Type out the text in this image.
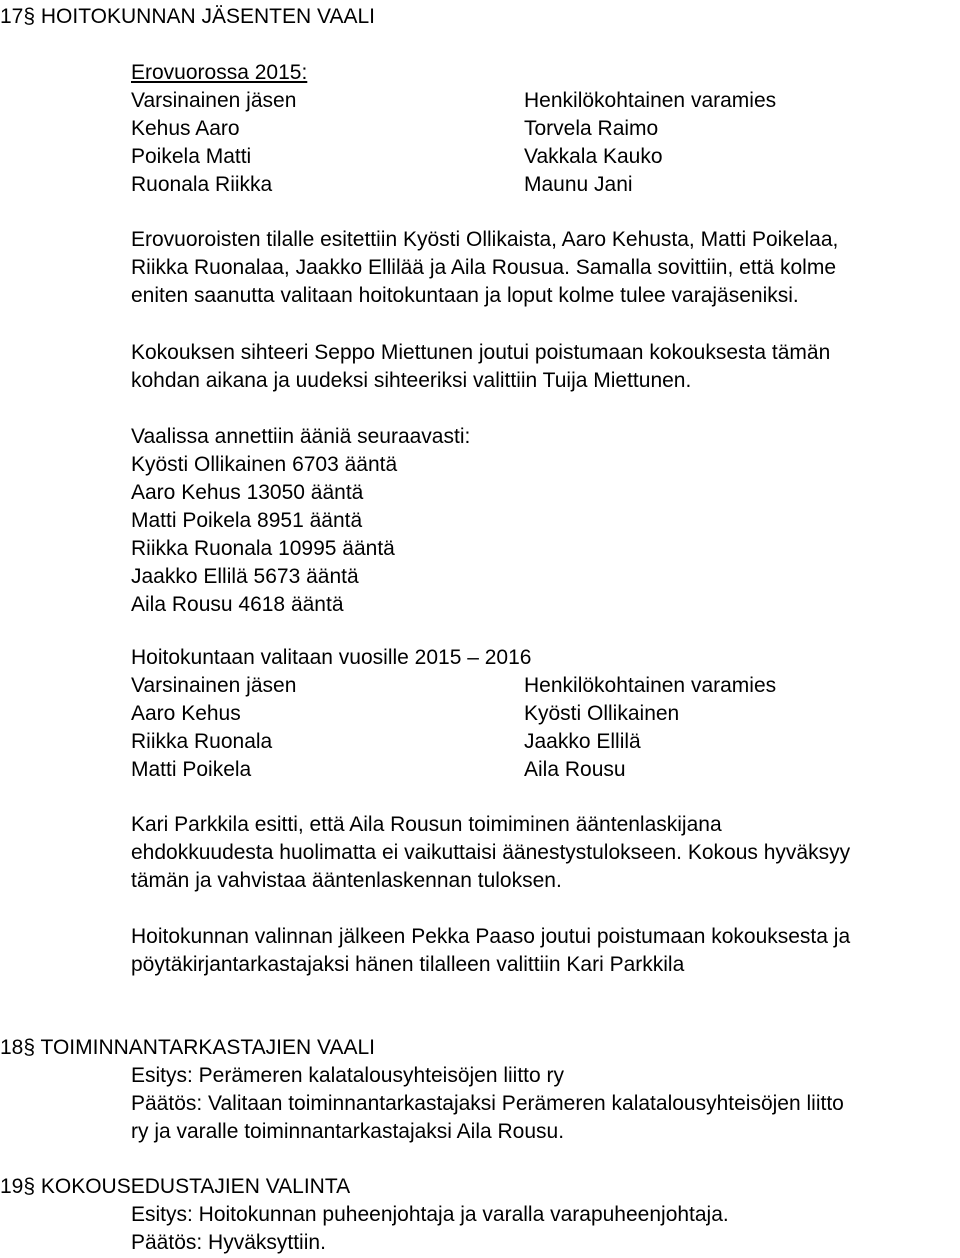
17§ HOITOKUNNAN JÄSENTEN VAALI
Erovuorossa 2015:
Varsinainen jäsen	Henkilökohtainen varamies
Kehus Aaro	Torvela Raimo
Poikela Matti	Vakkala Kauko
Ruonala Riikka	Maunu Jani
Erovuoroisten tilalle esitettiin Kyösti Ollikaista, Aaro Kehusta, Matti Poikelaa,
Riikka Ruonalaa, Jaakko Ellilää ja Aila Rousua. Samalla sovittiin, että kolme
eniten saanutta valitaan hoitokuntaan ja loput kolme tulee varajäseniksi.
Kokouksen sihteeri Seppo Miettunen joutui poistumaan kokouksesta tämän
kohdan aikana ja uudeksi sihteeriksi valittiin Tuija Miettunen.
Vaalissa annettiin ääniä seuraavasti:
Kyösti Ollikainen 6703 ääntä
Aaro Kehus 13050 ääntä
Matti Poikela 8951 ääntä
Riikka Ruonala 10995 ääntä
Jaakko Ellilä 5673 ääntä
Aila Rousu 4618 ääntä
Hoitokuntaan valitaan vuosille 2015 – 2016
Varsinainen jäsen	Henkilökohtainen varamies
Aaro Kehus	Kyösti Ollikainen
Riikka Ruonala	Jaakko Ellilä
Matti Poikela	Aila Rousu
Kari Parkkila esitti, että Aila Rousun toimiminen ääntenlaskijana
ehdokkuudesta huolimatta ei vaikuttaisi äänestystulokseen. Kokous hyväksyy
tämän ja vahvistaa ääntenlaskennan tuloksen.
Hoitokunnan valinnan jälkeen Pekka Paaso joutui poistumaan kokouksesta ja
pöytäkirjantarkastajaksi hänen tilalleen valittiin Kari Parkkila
18§ TOIMINNANTARKASTAJIEN VAALI
Esitys: Perämeren kalatalousyhteisöjen liitto ry
Päätös: Valitaan toiminnantarkastajaksi Perämeren kalatalousyhteisöjen liitto
ry ja varalle toiminnantarkastajaksi Aila Rousu.
19§ KOKOUSEDUSTAJIEN VALINTA
Esitys: Hoitokunnan puheenjohtaja ja varalla varapuheenjohtaja.
Päätös: Hyväksyttiin.
